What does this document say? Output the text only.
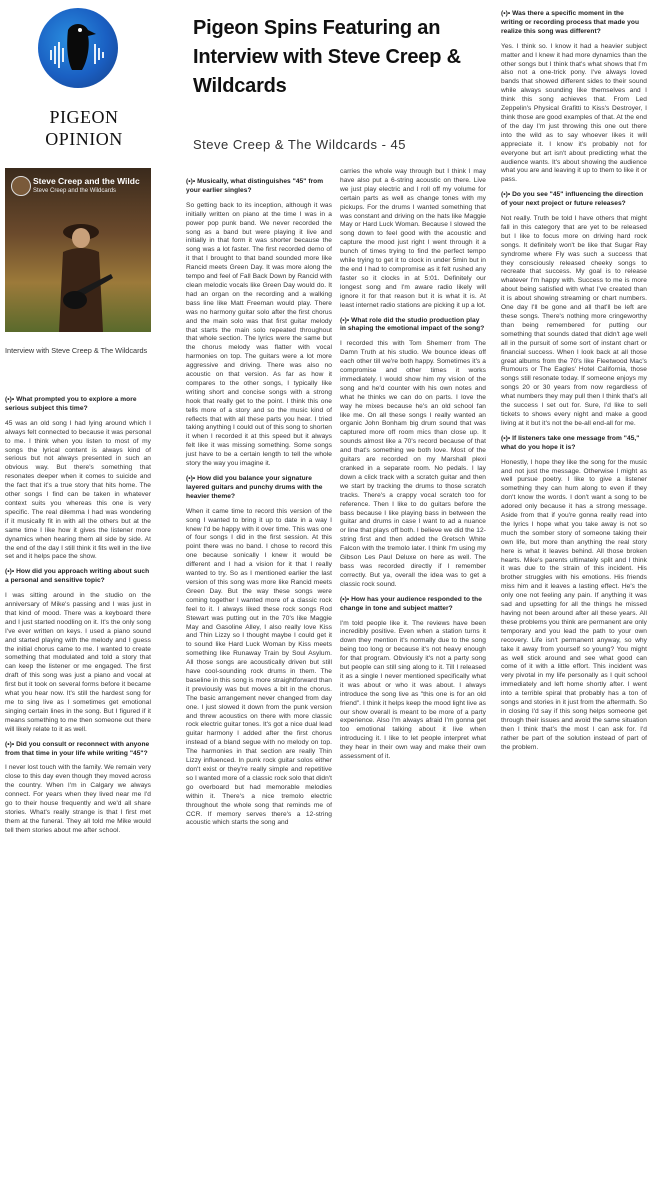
PIGEON OPINION
Pigeon Spins Featuring an Interview with Steve Creep & Wildcards
Steve Creep & The Wildcards - 45
Steve Creep and the Wildc
Steve Creep and the Wildcards
Interview with Steve Creep & The Wildcards

(•)• What prompted you to explore a more serious subject this time?

45 was an old song I had lying around which I always felt connected to because it was personal to me. I think when you listen to most of my songs the lyrical content is always kind of serious but not always presented in such an obvious way. But there's something that resonates deeper when it comes to suicide and the fact that it's a true story that hits home. The other songs I find can be taken in whatever context suits you whereas this one is very specific. The real dilemma I had was wondering if it musically fit in with all the others but at the same time I like how it gives the listener more dynamics when hearing them all side by side. At the end of the day I still think it fits well in the live set and it helps pace the show.

(•)• How did you approach writing about such a personal and sensitive topic?

I was sitting around in the studio on the anniversary of Mike's passing and I was just in that kind of mood. There was a keyboard there and I just started noodling on it. It's the only song I've ever written on keys. I used a piano sound and started playing with the melody and I guess the initial chorus came to me. I wanted to create something that modulated and told a story that can keep the listener or me engaged. The first draft of this song was just a piano and vocal at first but it took on several forms before it became what you hear now. It's still the hardest song for me to sing live as I sometimes get emotional singing certain lines in the song. But I figured if it means something to me then someone out there will likely relate to it as well.

(•)• Did you consult or reconnect with anyone from that time in your life while writing "45"?

I never lost touch with the family. We remain very close to this day even though they moved across the country. When I'm in Calgary we always connect. For years when they lived near me I'd go to their house frequently and we'd all share stories. What's really strange is that I first met them at the funeral. They all told me Mike would tell them stories about me after school.

(•)• Musically, what distinguishes "45" from your earlier singles?

So getting back to its inception, although it was initially written on piano at the time I was in a power pop punk band. We never recorded the song as a band but were playing it live and initially in that form it was shorter because the song was a lot faster. The first recorded demo of it that I brought to that band sounded more like Rancid meets Green Day. It was more along the tempo and feel of Fall Back Down by Rancid with clean melodic vocals like Green Day would do. It had an organ on the recording and a walking bass line like Matt Freeman would play. There was no harmony guitar solo after the first chorus and the main solo was that first guitar melody that starts the main solo repeated throughout that whole section. The lyrics were the same but the chorus melody was flatter with vocal harmonies on top. The guitars were a lot more aggressive and driving. There was also no acoustic on that version. As far as how it compares to the other songs, I typically like writing short and concise songs with a strong hook that really get to the point. I think this one tells more of a story and so the music kind of reflects that with all these parts you hear. I tried taking anything I could out of this song to shorten it when I recorded it at this speed but it always felt like it was missing something. Some songs just have to be a certain length to tell the whole story the way you imagine it.

(•)• How did you balance your signature layered guitars and punchy drums with the heavier theme?

When it came time to record this version of the song I wanted to bring it up to date in a way I knew I'd be happy with it over time. This was one of four songs I did in the first session. At this point there was no band. I chose to record this one because sonically I knew it would be different and I had a vision for it that I really wanted to try. So as I mentioned earlier the last version of this song was more like Rancid meets Green Day. But the way these songs were coming together I wanted more of a classic rock feel to it. I always liked these rock songs Rod Stewart was putting out in the 70's like Maggie May and Gasoline Alley, I also really love Kiss and Thin Lizzy so I thought maybe I could get it to sound like Hard Luck Woman by Kiss meets something like Runaway Train by Soul Asylum. All those songs are acoustically driven but still have cool-sounding rock drums in them. The baseline in this song is more straightforward than it previously was but moves a bit in the chorus. The basic arrangement never changed from day one. I just slowed it down from the punk version and threw acoustics on there with more classic rock electric guitar tones. It's got a nice dual lead guitar harmony I added after the first chorus instead of a bland segue with no melody on top. The harmonies in that section are really Thin Lizzy influenced. In punk rock guitar solos either don't exist or they're really simple and repetitive so I wanted more of a classic rock solo that didn't go overboard but had memorable melodies within it. There's a nice tremolo electric throughout the whole song that reminds me of CCR. If memory serves there's a 12-string acoustic which starts the song and

carries the whole way through but I think I may have also put a 6-string acoustic on there. Live we just play electric and I roll off my volume for certain parts as well as change tones with my pickups. For the drums I wanted something that was constant and driving on the hats like Maggie May or Hard Luck Woman. Because I slowed the song down to feel good with the acoustic and capture the mood just right I went through it a bunch of times trying to find the perfect tempo while trying to get it to clock in under 5min but in the end I had to compromise as it felt rushed any faster so it clocks in at 5:01. Definitely our longest song and I'm aware radio likely will ignore it for that reason but it is what it is. At least internet radio stations are picking it up a lot.

(•)• What role did the studio production play in shaping the emotional impact of the song?

I recorded this with Tom Shemerr from The Damn Truth at his studio. We bounce ideas off each other till we're both happy. Sometimes it's a compromise and other times it works immediately. I would show him my vision of the song and he'd counter with his own notes and what he thinks we can do on parts. I love the way he mixes because he's an old school fan like me. On all these songs I really wanted an organic John Bonham big drum sound that was captured more off room mics than close up. It sounds almost like a 70's record because of that and that's something we both love. Most of the guitars are recorded on my Marshall plexi cranked in a separate room. No pedals. I lay down a click track with a scratch guitar and then we start by tracking the drums to those scratch tracks. There's a crappy vocal scratch too for reference. Then I like to do guitars before the bass because I like playing bass in between the guitar and drums in case I want to ad a nuance or line that plays off both. I believe we did the 12-string first and then added the Gretsch White Falcon with the tremolo later. I think I'm using my Gibson Les Paul Deluxe on here as well. The bass was recorded directly if I remember correctly. But ya, overall the idea was to get a classic rock sound.

(•)• How has your audience responded to the change in tone and subject matter?

I'm told people like it. The reviews have been incredibly positive. Even when a station turns it down they mention it's normally due to the song being too long or because it's not heavy enough for that program. Obviously it's not a party song but people can still sing along to it. Till I released it as a single I never mentioned specifically what it was about or who it was about. I always introduce the song live as "this one is for an old friend". I think it helps keep the mood light live as our show overall is meant to be more of a party experience. Also I'm always afraid I'm gonna get too emotional talking about it live when introducing it. I like to let people interpret what they hear in their own way and make their own assessment of it.

(•)• Was there a specific moment in the writing or recording process that made you realize this song was different?

Yes. I think so. I know it had a heavier subject matter and I knew it had more dynamics than the other songs but I think that's what shows that I'm also not a one-trick pony. I've always loved bands that showed different sides to their sound while always sounding like themselves and I think this song achieves that. From Led Zeppelin's Physical Grafitti to Kiss's Destroyer, I think those are good examples of that. At the end of the day I'm just throwing this one out there into the wild as to say whoever likes it will appreciate it. I know it's probably not for everyone but art isn't about predicting what the audience wants. It's about showing the audience what you are and leaving it up to them to like it or pass.

(•)• Do you see "45" influencing the direction of your next project or future releases?

Not really. Truth be told I have others that might fall in this category that are yet to be released but I like to focus more on driving hard rock songs. It definitely won't be like that Sugar Ray syndrome where Fly was such a success that they consciously released cheeky songs to recreate that success. My goal is to release whatever I'm happy with. Success to me is more about being satisfied with what I've created than it is about showing streaming or chart numbers. One day I'll be gone and all that'll be left are these songs. There's nothing more cringeworthy than being remembered for putting our something that sounds dated that didn't age well all in the pursuit of some sort of instant chart or financial success. When I look back at all those great albums from the 70's like Fleetwood Mac's Rumours or The Eagles' Hotel California, those songs still resonate today. If someone enjoys my songs 20 or 30 years from now regardless of what numbers they may pull then I think that's all the success I set out for. Sure, I'd like to sell tickets to shows every night and make a good living at it but it's not the be-all end-all for me.

(•)• If listeners take one message from "45," what do you hope it is?

Honestly, I hope they like the song for the music and not just the message. Otherwise I might as well pursue poetry. I like to give a listener something they can hum along to even if they don't know the words. I don't want a song to be adored only because it has a strong message. Aside from that if you're gonna really read into the lyrics I hope what you take away is not so much the somber story of someone taking their own life, but more than anything the real story here is what it leaves behind. All those broken hearts. Mike's parents ultimately split and I think it was due to the strain of this incident. His brother struggles with his emotions. His friends miss him and it leaves a lasting effect. He's the only one not feeling any pain. If anything it was sad and upsetting for all the things he missed having not been around after all these years. All these problems you think are permanent are only temporary and you lead the path to your own recovery. Life isn't permanent anyway, so why take it away from yourself so young? You might as well stick around and see what good can come of it with a little effort. This incident was very pivotal in my life personally as I quit school immediately and left home shortly after. I went into a terrible spiral that probably has a ton of songs and stories in it just from the aftermath. So in closing I'd say if this song helps someone get through their issues and avoid the same situation then I think that's the most I can ask for. I'd rather be part of the solution instead of part of the problem.
